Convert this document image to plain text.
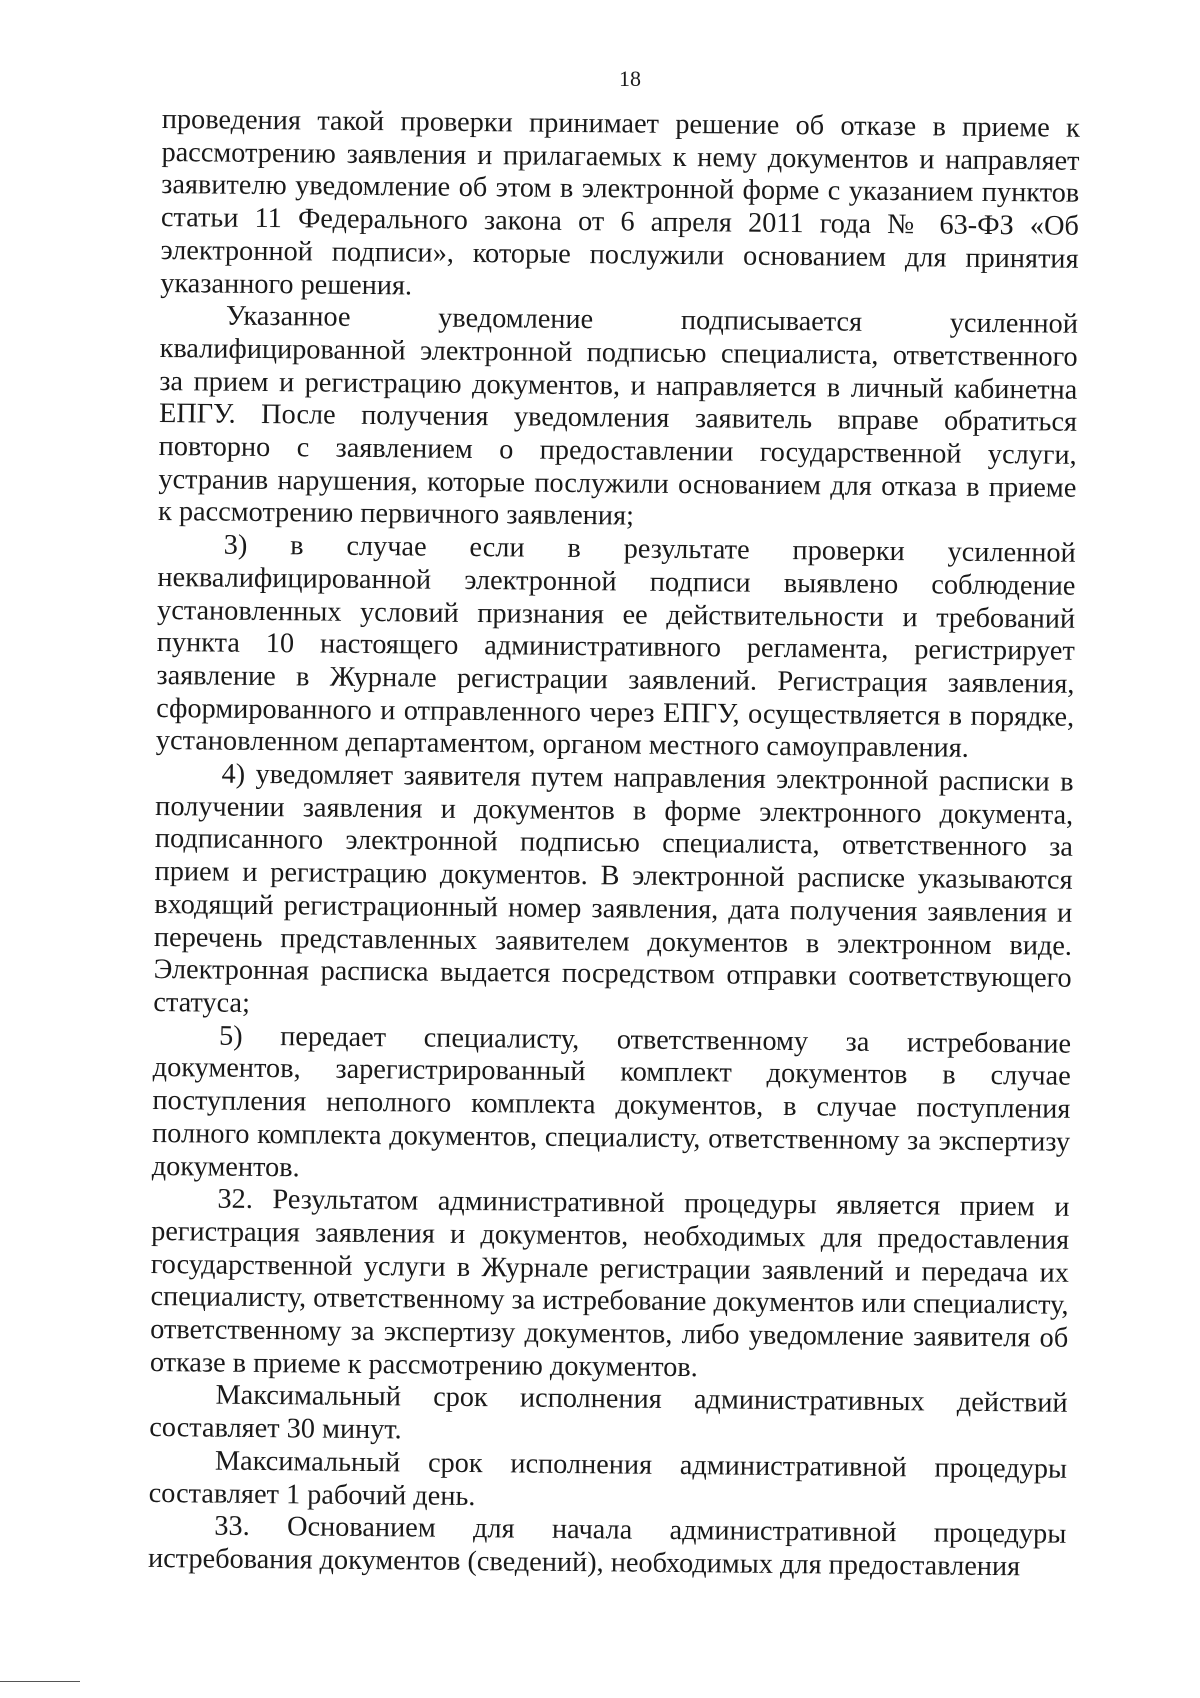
18

проведения такой проверки принимает решение об отказе в приеме к рассмотрению заявления и прилагаемых к нему документов и направляет заявителю уведомление об этом в электронной форме с указанием пунктов статьи 11 Федерального закона от 6 апреля 2011 года № 63-ФЗ «Об электронной подписи», которые послужили основанием для принятия указанного решения.

Указанное уведомление подписывается усиленной квалифицированной электронной подписью специалиста, ответственного за прием и регистрацию документов, и направляется в личный кабинетна ЕПГУ. После получения уведомления заявитель вправе обратиться повторно с заявлением о предоставлении государственной услуги, устранив нарушения, которые послужили основанием для отказа в приеме к рассмотрению первичного заявления;

3) в случае если в результате проверки усиленной неквалифицированной электронной подписи выявлено соблюдение установленных условий признания ее действительности и требований пункта 10 настоящего административного регламента, регистрирует заявление в Журнале регистрации заявлений. Регистрация заявления, сформированного и отправленного через ЕПГУ, осуществляется в порядке, установленном департаментом, органом местного самоуправления.

4) уведомляет заявителя путем направления электронной расписки в получении заявления и документов в форме электронного документа, подписанного электронной подписью специалиста, ответственного за прием и регистрацию документов. В электронной расписке указываются входящий регистрационный номер заявления, дата получения заявления и перечень представленных заявителем документов в электронном виде. Электронная расписка выдается посредством отправки соответствующего статуса;

5) передает специалисту, ответственному за истребование документов, зарегистрированный комплект документов в случае поступления неполного комплекта документов, в случае поступления полного комплекта документов, специалисту, ответственному за экспертизу документов.

32. Результатом административной процедуры является прием и регистрация заявления и документов, необходимых для предоставления государственной услуги в Журнале регистрации заявлений и передача их специалисту, ответственному за истребование документов или специалисту, ответственному за экспертизу документов, либо уведомление заявителя об отказе в приеме к рассмотрению документов.

Максимальный срок исполнения административных действий составляет 30 минут.

Максимальный срок исполнения административной процедуры составляет 1 рабочий день.

33. Основанием для начала административной процедуры истребования документов (сведений), необходимых для предоставления
